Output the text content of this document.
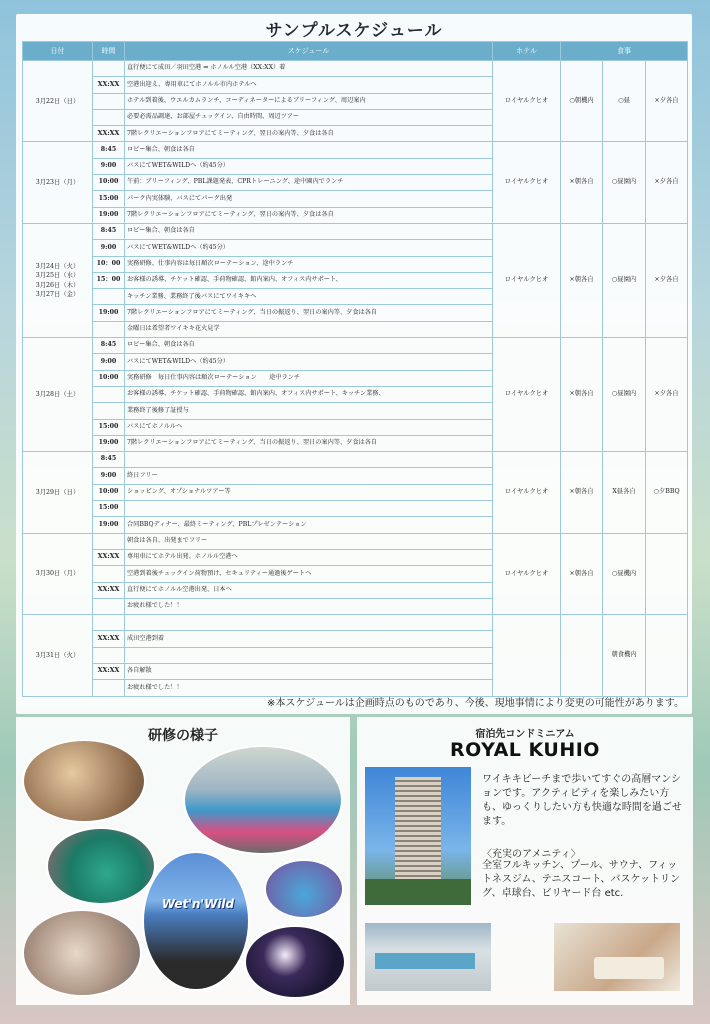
サンプルスケジュール
日付	時間	スケジュール	ホテル	食事		

3月22日（日）		直行便にて成田／羽田空港 ⇒ ホノルル空港（XX:XX）着	ロイヤルクヒオ	○朝機内	○昼	×夕各自
	XX:XX	空港出迎え、専用車にてホノルル市内ホテルへ				
		ホテル到着後、ウエルカムランチ、コーディネーターによるブリーフィング、周辺案内				
		必要必需品調達、お部屋チェックイン、自由時間、周辺ツアー				
	XX:XX	7階レクリエーションフロアにてミーティング、翌日の案内等、夕食は各自				

3月23日（月）	8:45	ロビー集合、朝食は各自	ロイヤルクヒオ	×朝各自	○昼園内	×夕各自
	9:00	バスにてWET&WILDへ（約45分）				
	10:00	午前：ブリーフィング、PBL課題発表、CPRトレーニング、途中園内でランチ				
	15:00	パーク内実体験、バスにてパーク出発				
	19:00	7階レクリエーションフロアにてミーティング、翌日の案内等、夕食は各自				

3月24日（火）
3月25日（水）
3月26日（木）
3月27日（金）	8:45	ロビー集合、朝食は各自	ロイヤルクヒオ	×朝各自	○昼園内	×夕各自
	9:00	バスにてWET&WILDへ（約45分）				
	10：00	実務研修、仕事内容は毎日順次ローテーション、途中ランチ				
	15：00	お客様の誘導、チケット確認、手荷物確認、館内案内、オフィス内サポート、				
		キッチン業務、業務終了後バスにてワイキキへ				
	19:00	7階レクリエーションフロアにてミーティング、当日の振返り、翌日の案内等、夕食は各自				
		金曜日は希望者ワイキキ花火見学				

3月28日（土）	8:45	ロビー集合、朝食は各自	ロイヤルクヒオ	×朝各自	○昼園内	×夕各自
	9:00	バスにてWET&WILDへ（約45分）				
	10:00	実務研修　毎日仕事内容は順次ローテーション　　途中ランチ				
		お客様の誘導、チケット確認、手荷物確認、館内案内、オフィス内サポート、キッチン業務、				
		業務終了後修了証授与				
	15:00	バスにてホノルルへ				
	19:00	7階レクリエーションフロアにてミーティング、当日の振返り、翌日の案内等、夕食は各自				

3月29日（日）	8:45		ロイヤルクヒオ	×朝各自	X昼各自	○夕BBQ
	9:00	終日フリー				
	10:00	ショッピング、オプショナルツアー等				
	15:00					
	19:00	合同BBQディナー、最終ミーティング、PBLプレゼンテーション				

3月30日（月）		朝食は各自、出発までフリー	ロイヤルクヒオ	×朝各自	○昼機内	
	XX:XX	専用車にてホテル出発、ホノルル空港へ				
		空港到着後チェックイン荷物預け、セキュリティー通過後ゲートへ				
	XX:XX	直行便にてホノルル空港出発、日本へ				
		お疲れ様でした！！				

3月31日（火）					朝食機内	
	XX:XX	成田空港到着				

	XX:XX	各自解散				
		お疲れ様でした！！				
※本スケジュールは企画時点のものであり、今後、現地事情により変更の可能性があります。
研修の様子
Wet'n'Wild
宿泊先コンドミニアム
ROYAL KUHIO
ワイキキビーチまで歩いてすぐの高層マンションです。アクティビティを楽しみたい方も、ゆっくりしたい方も快適な時間を過ごせます。
〈充実のアメニティ〉
全室フルキッチン、プール、サウナ、フィットネスジム、テニスコート、バスケットリング、卓球台、ビリヤード台 etc.
